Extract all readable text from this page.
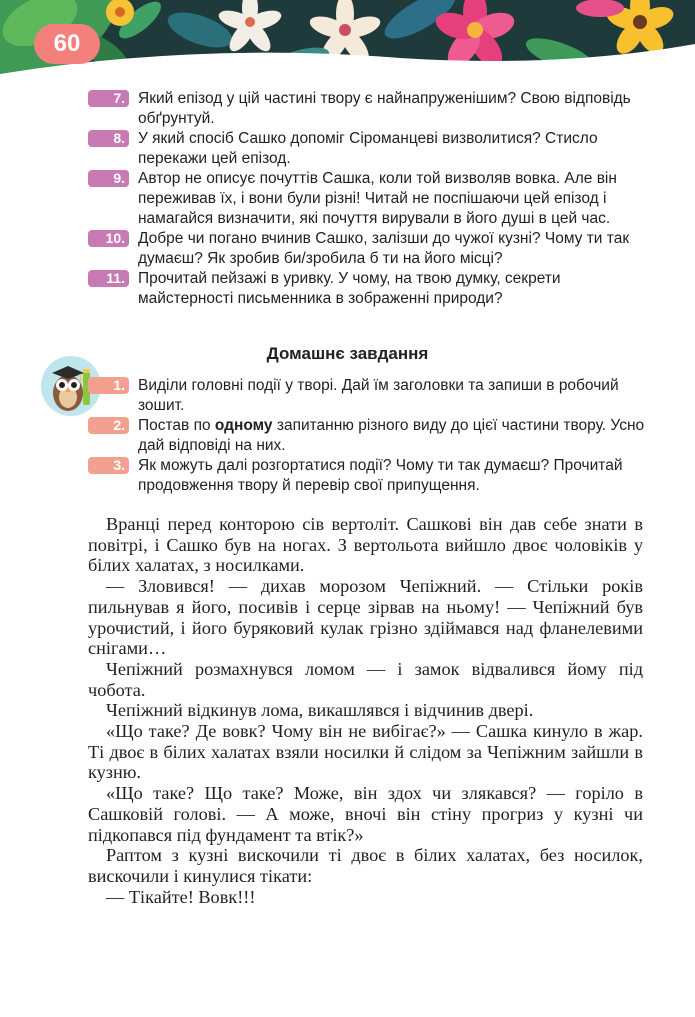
60
7. Який епізод у цій частині твору є найнапруженішим? Свою відповідь обґрунтуй.
8. У який спосіб Сашко допоміг Сіроманцеві визволитися? Стисло перекажи цей епізод.
9. Автор не описує почуттів Сашка, коли той визволяв вовка. Але він переживав їх, і вони були різні! Читай не поспішаючи цей епізод і намагайся визначити, які почуття вирували в його душі в цей час.
10. Добре чи погано вчинив Сашко, залізши до чужої кузні? Чому ти так думаєш? Як зробив би/зробила б ти на його місці?
11. Прочитай пейзажі в уривку. У чому, на твою думку, секрети майстерності письменника в зображенні природи?
Домашнє завдання
1. Виділи головні події у творі. Дай їм заголовки та запиши в робочий зошит.
2. Постав по одному запитанню різного виду до цієї частини твору. Усно дай відповіді на них.
3. Як можуть далі розгортатися події? Чому ти так думаєш? Прочитай продовження твору й перевір свої припущення.

Вранці перед конторою сів вертоліт. Сашкові він дав себе знати в повітрі, і Сашко був на ногах. З вертольота вийшло двоє чоловіків у білих халатах, з носилками.

— Зловився! — дихав морозом Чепіжний. — Стільки років пильнував я його, посивів і серце зірвав на ньому! — Чепіжний був урочистий, і його буряковий кулак грізно здіймався над фланелевими снігами…

Чепіжний розмахнувся ломом — і замок відвалився йому під чобота.

Чепіжний відкинув лома, викашлявся і відчинив двері.

«Що таке? Де вовк? Чому він не вибігає?» — Сашка кинуло в жар. Ті двоє в білих халатах взяли носилки й слідом за Чепіжним зайшли в кузню.

«Що таке? Що таке? Може, він здох чи злякався? — горіло в Сашковій голові. — А може, вночі він стіну прогриз у кузні чи підкопався під фундамент та втік?»

Раптом з кузні вискочили ті двоє в білих халатах, без носилок, вискочили і кинулися тікати:

— Тікайте! Вовк!!!
